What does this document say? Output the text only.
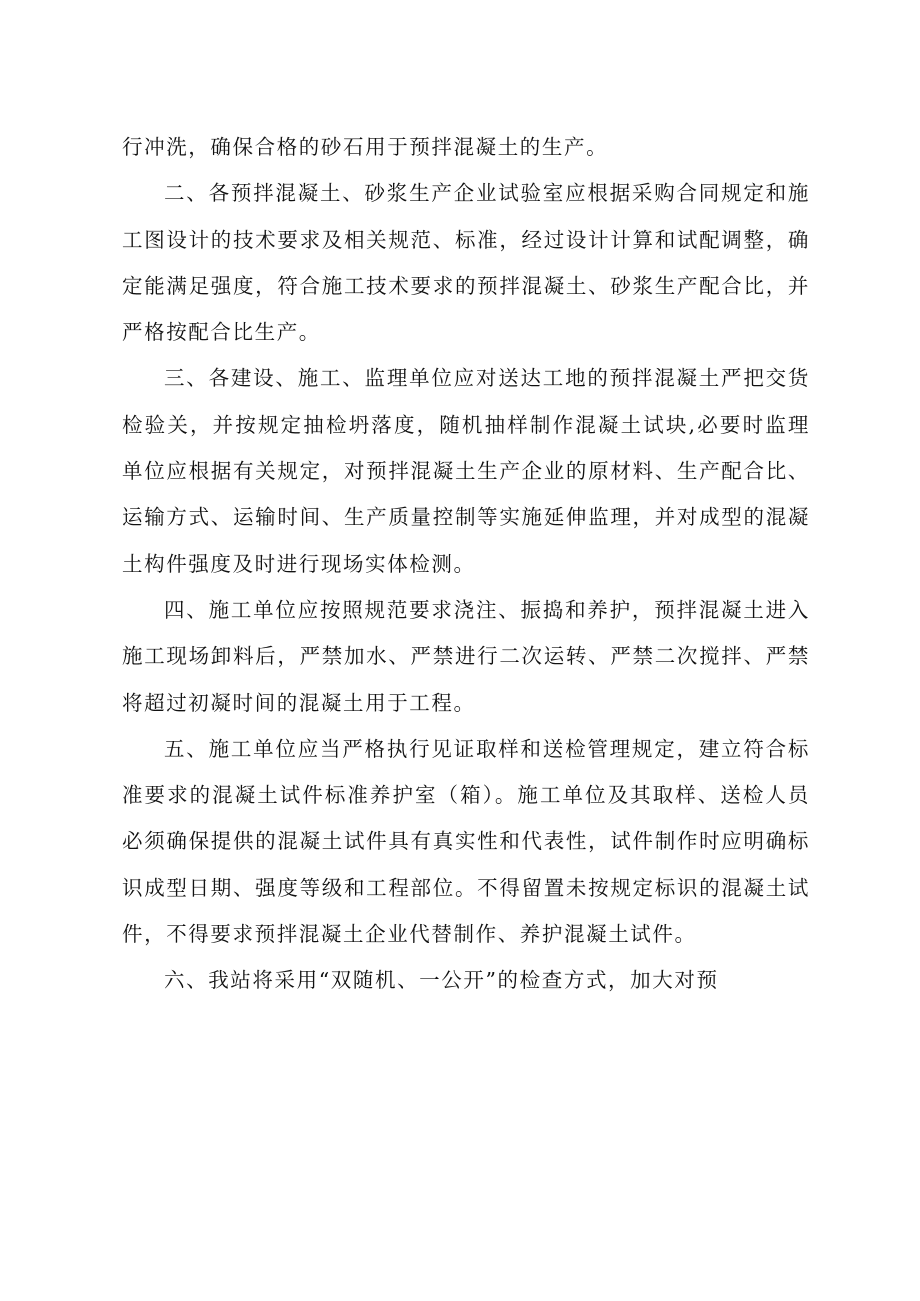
行冲洗，确保合格的砂石用于预拌混凝土的生产。

二、各预拌混凝土、砂浆生产企业试验室应根据采购合同规定和施工图设计的技术要求及相关规范、标准，经过设计计算和试配调整，确定能满足强度，符合施工技术要求的预拌混凝土、砂浆生产配合比，并严格按配合比生产。

三、各建设、施工、监理单位应对送达工地的预拌混凝土严把交货检验关，并按规定抽检坍落度，随机抽样制作混凝土试块,必要时监理单位应根据有关规定，对预拌混凝土生产企业的原材料、生产配合比、运输方式、运输时间、生产质量控制等实施延伸监理，并对成型的混凝土构件强度及时进行现场实体检测。

四、施工单位应按照规范要求浇注、振捣和养护，预拌混凝土进入施工现场卸料后，严禁加水、严禁进行二次运转、严禁二次搅拌、严禁将超过初凝时间的混凝土用于工程。

五、施工单位应当严格执行见证取样和送检管理规定，建立符合标准要求的混凝土试件标准养护室（箱）。施工单位及其取样、送检人员必须确保提供的混凝土试件具有真实性和代表性，试件制作时应明确标识成型日期、强度等级和工程部位。不得留置未按规定标识的混凝土试件，不得要求预拌混凝土企业代替制作、养护混凝土试件。

六、我站将采用“双随机、一公开”的检查方式，加大对预
